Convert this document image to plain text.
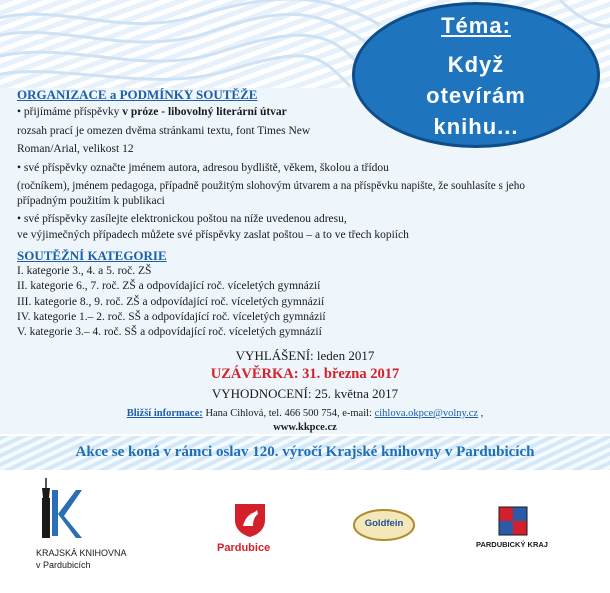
Téma:
Když
otevírám
knihu...
ORGANIZACE a PODMÍNKY SOUTĚŽE
• přijímáme příspěvky v próze - libovolný literární útvar
rozsah prací je omezen dvěma stránkami textu, font Times New
Roman/Arial, velikost 12
• své příspěvky označte jménem autora, adresou bydliště, věkem, školou a třídou
(ročníkem), jménem pedagoga, případně použitým slohovým útvarem a na příspěvku napište, že souhlasíte s jeho
případným použitím k publikaci
• své příspěvky zasílejte elektronickou poštou na níže uvedenou adresu,
ve výjimečných případech můžete své příspěvky zaslat poštou – a to ve třech kopiích
SOUTĚŽNÍ KATEGORIE
I. kategorie 3., 4. a 5. roč. ZŠ
II. kategorie 6., 7. roč. ZŠ a odpovídající roč. víceletých gymnázií
III. kategorie 8., 9. roč. ZŠ a odpovídající roč. víceletých gymnázií
IV. kategorie 1.– 2. roč. SŠ a odpovídající roč. víceletých gymnázií
V. kategorie 3.– 4. roč. SŠ a odpovídající roč. víceletých gymnázií
VYHLÁŠENÍ: leden 2017
UZÁVĚRKA: 31. března 2017
VYHODNOCENÍ: 25. května 2017
Bližší informace: Hana Cihlová, tel. 466 500 754, e-mail: cihlova.okpce@volny.cz ,
www.kkpce.cz
Akce se koná v rámci oslav 120. výročí Krajské knihovny v Pardubicích
KRAJSKÁ KNIHOVNA
v Pardubicích
Pardubice
Goldfein
PARDUBICKÝ KRAJ
